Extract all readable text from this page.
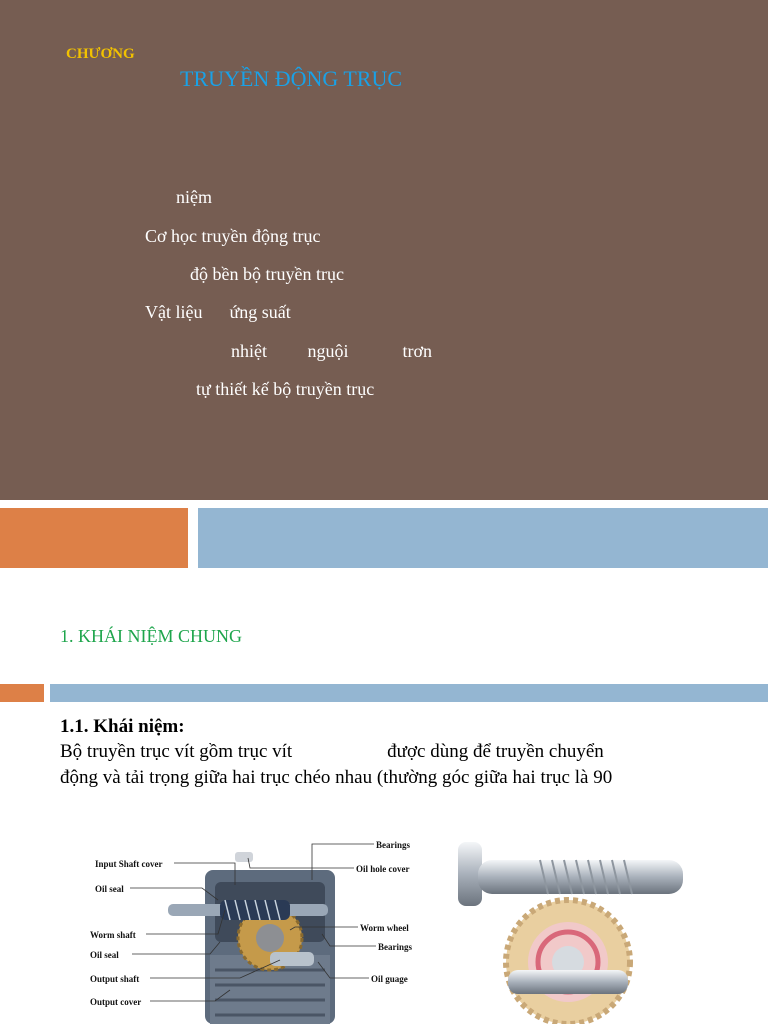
CHƯƠNG
TRUYỀN ĐỘNG TRỤC
niệm
Cơ học truyền động trục
độ bền bộ truyền trục
Vật liệu      ứng suất
nhiệt         nguội            trơn
tự thiết kế bộ truyền trục
1. KHÁI NIỆM CHUNG
1.1. Khái niệm:
Bộ truyền trục vít gồm trục vít                    được dùng để truyền chuyển
động và tải trọng giữa hai trục chéo nhau (thường góc giữa hai trục là 90
Bearings
Input Shaft cover	Oil hole cover
Oil seal
Worm wheel
Worm shaft
Bearings
Oil seal
Output shaft	Oil guage
Output cover
